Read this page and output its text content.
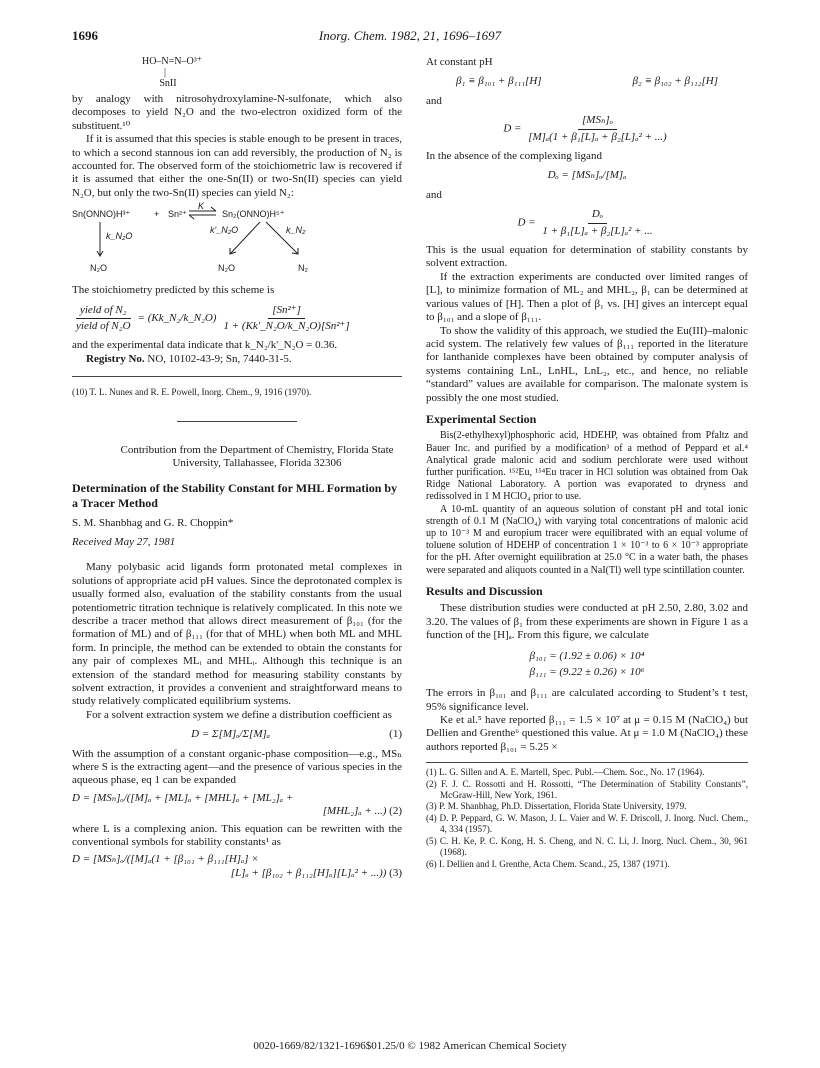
1696	Inorg. Chem. 1982, 21, 1696–1697
HO–N=N–O³⁺
|
SnII

by analogy with nitrosohydroxylamine-N-sulfonate, which also decomposes to yield N₂O and the two-electron oxidized form of the substituent.¹⁰

If it is assumed that this species is stable enough to be present in traces, to which a second stannous ion can add reversibly, the production of N₂ is accounted for. The observed form of the stoichiometric law is recovered if it is assumed that either the one-Sn(II) or two-Sn(II) species can yield N₂O, but only the two-Sn(II) species can yield N₂:

Sn(ONNO)H³⁺	+ Sn²⁺
K
⇌ Sn₂(ONNO)H⁵⁺
k_N₂O
k'_N₂O	k_N₂
N₂O	N₂O	N₂

The stoichiometry predicted by this scheme is

$\frac{\text{yield of N₂}}{\text{yield of N₂O}}$ = (Kk_N₂/k_N₂O) $\frac{\text{[Sn²⁺]}}{\text{1 + (Kk'\_N₂O/k\_N₂O)[Sn²⁺]}}$

and the experimental data indicate that k_N₂/k'_N₂O = 0.36.

Registry No. NO, 10102-43-9; Sn, 7440-31-5.

(10) T. L. Nunes and R. E. Powell, Inorg. Chem., 9, 1916 (1970).

Contribution from the Department of Chemistry, Florida State University, Tallahassee, Florida 32306

Determination of the Stability Constant for MHL Formation by a Tracer Method

S. M. Shanbhag and G. R. Choppin*

Received May 27, 1981

Many polybasic acid ligands form protonated metal complexes in solutions of appropriate acid pH values. Since the deprotonated complex is usually formed also, evaluation of the stability constants from the usual potentiometric titration technique is relatively complicated. In this note we describe a tracer method that allows direct measurement of β₁₀₁ (for the formation of ML) and of β₁₁₁ (for that of MHL) when both ML and MHL form. In principle, the method can be extended to obtain the constants for any pair of complexes MLᵢ and MHLᵢ. Although this technique is an extension of the standard method for measuring stability constants by solvent extraction, it provides a convenient and straightforward means to study relatively complicated equilibrium systems.

For a solvent extraction system we define a distribution coefficient as

D = Σ[M]ₒ/Σ[M]ₐ	(1)

With the assumption of a constant organic-phase composition—e.g., MSₙ where S is the extracting agent—and the presence of various species in the aqueous phase, eq 1 can be expanded

D = [MSₙ]ₒ/([M]ₐ + [ML]ₐ + [MHL]ₐ + [ML₂]ₐ +
[MHL₂]ₐ + ...) (2)

where L is a complexing anion. This equation can be rewritten with the conventional symbols for stability constants¹ as

D = [MSₙ]ₒ/([M]ₐ(1 + [β₁₀₁ + β₁₁₁[H]ₐ] ×
[L]ₐ + [β₁₀₂ + β₁₁₂[H]ₐ][L]ₐ² + ...)) (3)

At constant pH

β₁ ≡ β₁₀₁ + β₁₁₁[H]	β₂ ≡ β₁₀₂ + β₁₁₂[H]

and

$D = \frac{\text{[MSₙ]ₒ}}{\text{[M]ₐ(1 + β₁[L]ₐ + β₂[L]ₐ² + ...)}}$

In the absence of the complexing ligand

Dₒ = [MSₙ]ₒ/[M]ₐ

and

$D = \frac{\text{Dₒ}}{\text{1 + β₁[L]ₐ + β₂[L]ₐ² + ...}}$

This is the usual equation for determination of stability constants by solvent extraction.

If the extraction experiments are conducted over limited ranges of [L], to minimize formation of ML₂ and MHL₂, β₁ can be determined at various values of [H]. Then a plot of β₁ vs. [H] gives an intercept equal to β₁₀₁ and a slope of β₁₁₁.

To show the validity of this approach, we studied the Eu(III)–malonic acid system. The relatively few values of β₁₁₁ reported in the literature for lanthanide complexes have been obtained by computer analysis of systems containing LnL, LnHL, LnL₂, etc., and hence, no reliable “standard” values are available for comparison. The malonate system is possibly the one most studied.

Experimental Section

Bis(2-ethylhexyl)phosphoric acid, HDEHP, was obtained from Pfaltz and Bauer Inc. and purified by a modification³ of a method of Peppard et al.⁴ Analytical grade malonic acid and sodium perchlorate were used without further purification. ¹⁵²Eu, ¹⁵⁴Eu tracer in HCl solution was obtained from Oak Ridge National Laboratory. A portion was evaporated to dryness and redissolved in 1 M HClO₄ prior to use.

A 10-mL quantity of an aqueous solution of constant pH and total ionic strength of 0.1 M (NaClO₄) with varying total concentrations of malonic acid up to 10⁻³ M and europium tracer were equilibrated with an equal volume of toluene solution of HDEHP of concentration 1 × 10⁻³ to 6 × 10⁻³ appropriate for the pH. After overnight equilibration at 25.0 °C in a water bath, the phases were separated and aliquots counted in a NaI(Tl) well type scintillation counter.

Results and Discussion

These distribution studies were conducted at pH 2.50, 2.80, 3.02 and 3.20. The values of β₁ from these experiments are shown in Figure 1 as a function of the [H]ₐ. From this figure, we calculate

β₁₀₁ = (1.92 ± 0.06) × 10⁴
β₁₁₁ = (9.22 ± 0.26) × 10⁶

The errors in β₁₀₁ and β₁₁₁ are calculated according to Student’s t test, 95% significance level.

Ke et al.⁵ have reported β₁₁₁ = 1.5 × 10⁷ at μ = 0.15 M (NaClO₄) but Dellien and Grenthe⁶ questioned this value. At μ = 1.0 M (NaClO₄) these authors reported β₁₀₁ = 5.25 ×

(1) L. G. Sillen and A. E. Martell, Spec. Publ.—Chem. Soc., No. 17 (1964).

(2) F. J. C. Rossotti and H. Rossotti, “The Determination of Stability Constants”, McGraw-Hill, New York, 1961.

(3) P. M. Shanbhag, Ph.D. Dissertation, Florida State University, 1979.

(4) D. P. Peppard, G. W. Mason, J. L. Vaier and W. F. Driscoll, J. Inorg. Nucl. Chem., 4, 334 (1957).

(5) C. H. Ke, P. C. Kong, H. S. Cheng, and N. C. Li, J. Inorg. Nucl. Chem., 30, 961 (1968).

(6) I. Dellien and I. Grenthe, Acta Chem. Scand., 25, 1387 (1971).

0020-1669/82/1321-1696$01.25/0 © 1982 American Chemical Society
